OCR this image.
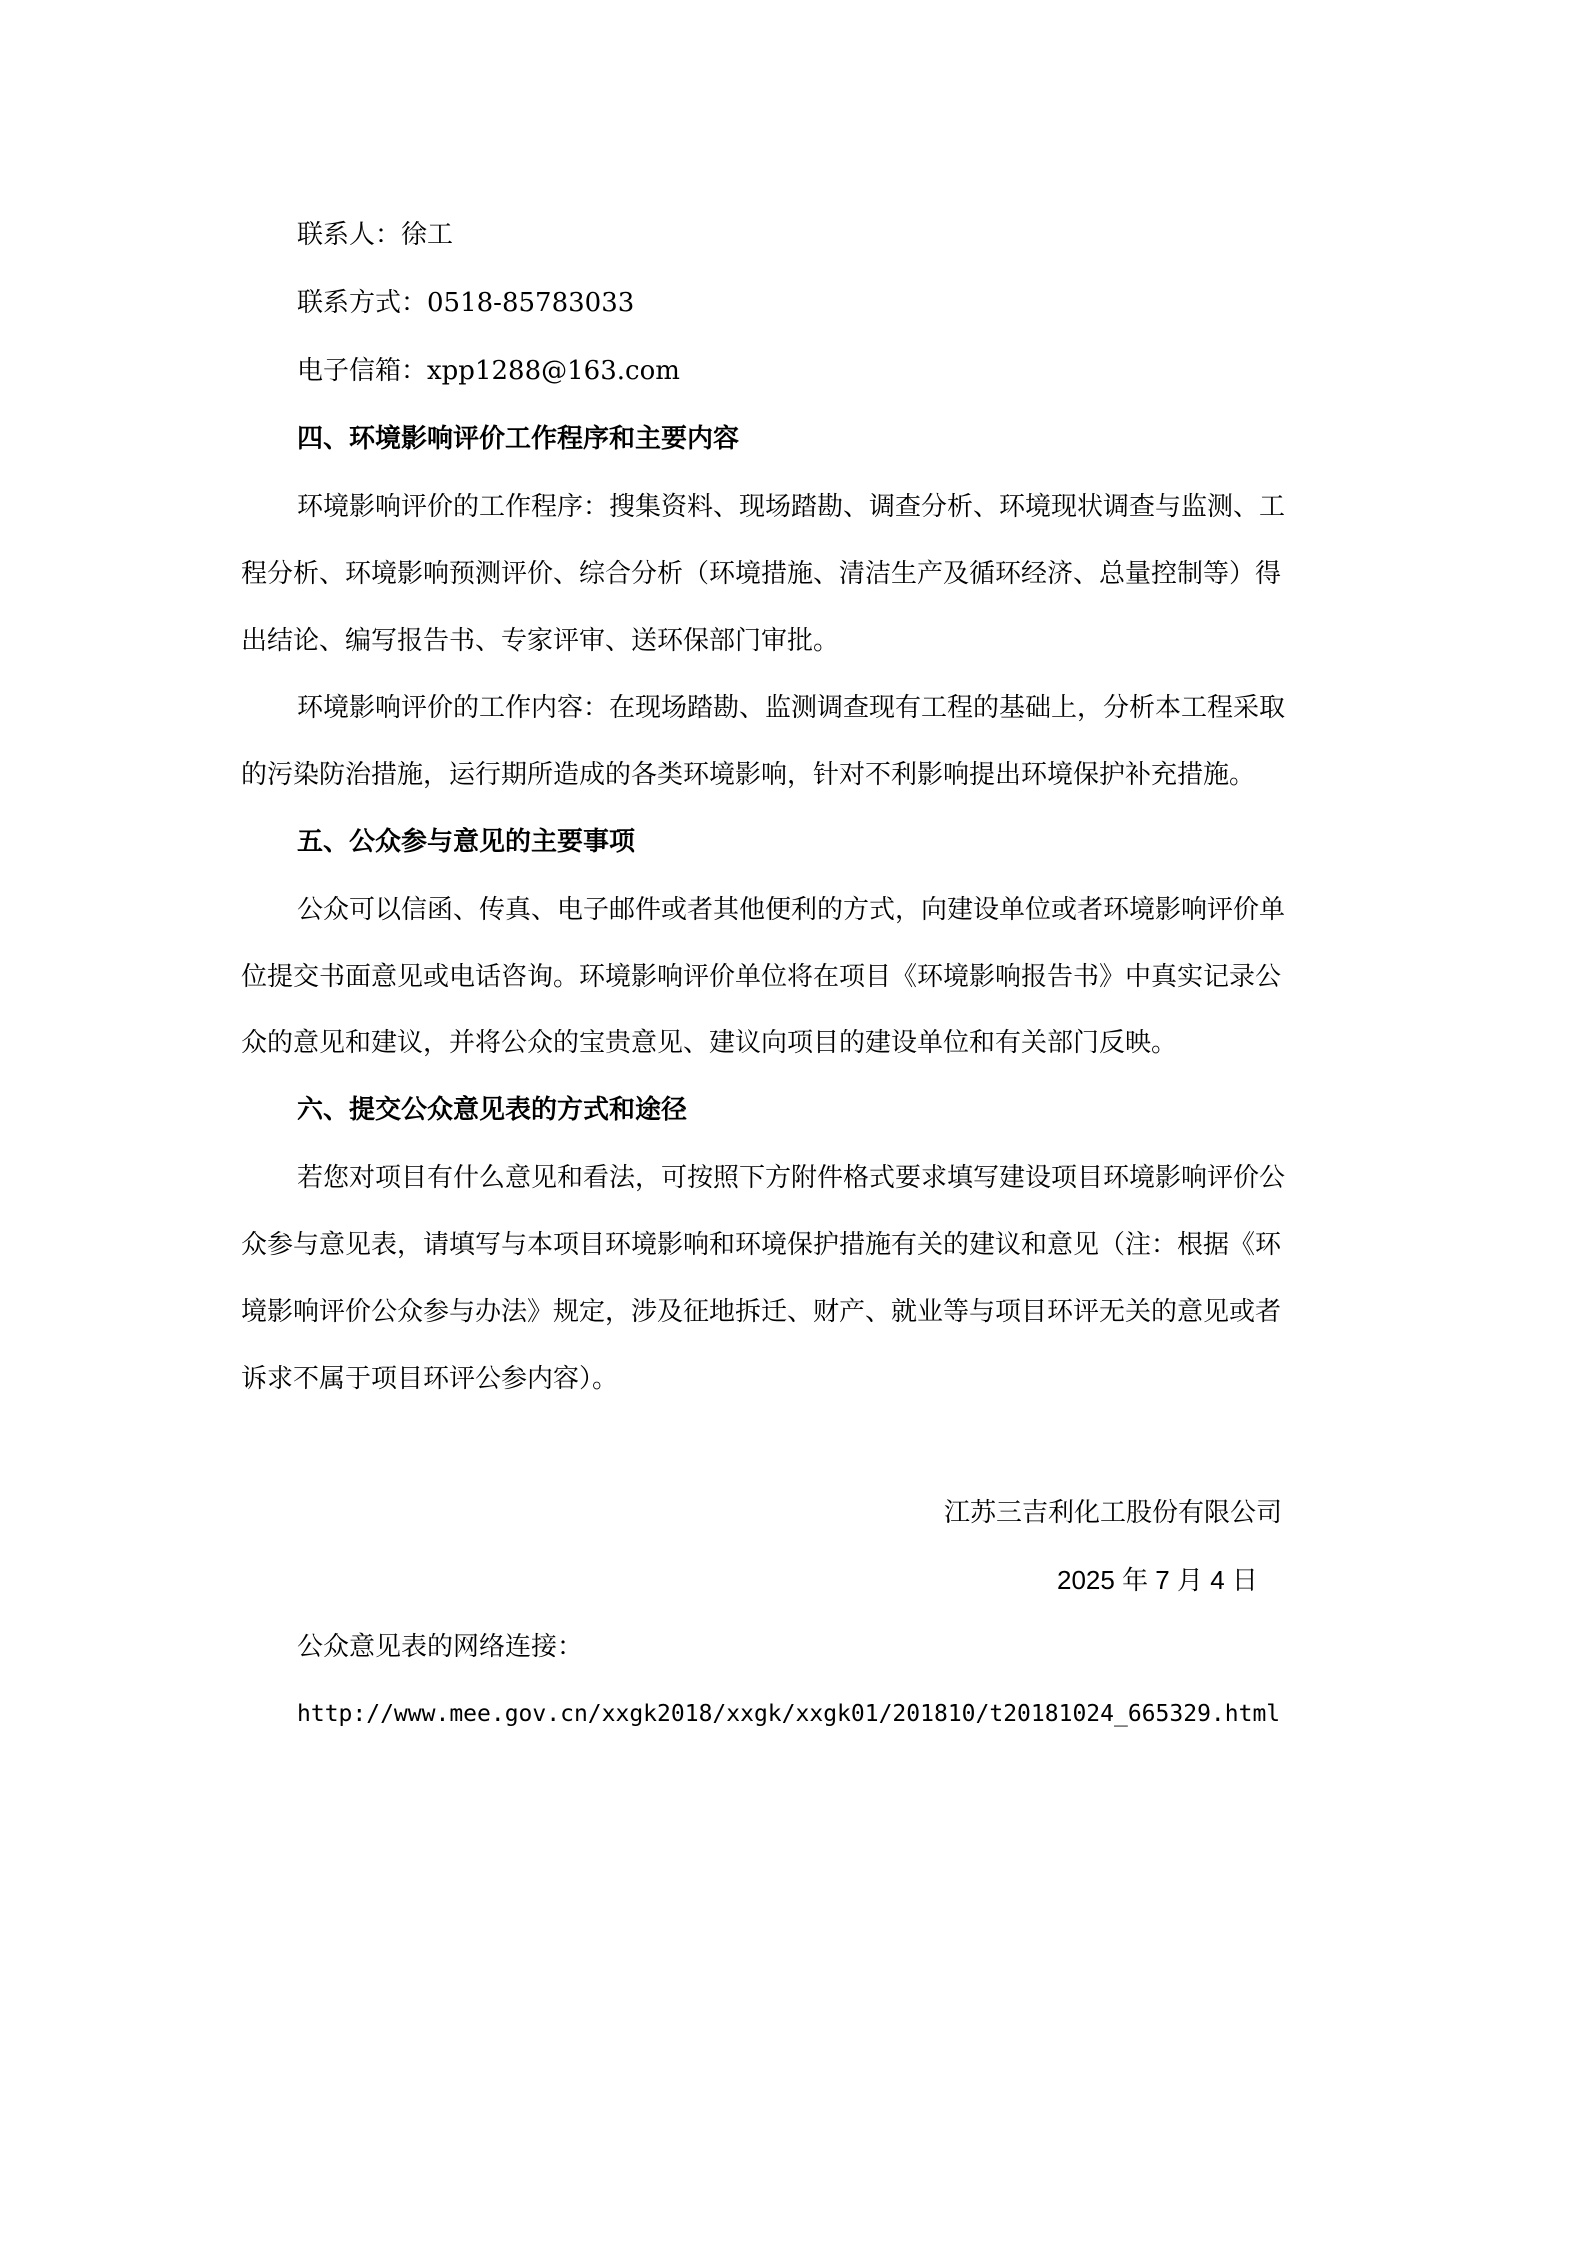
联系人：徐工
联系方式：0518-85783033
电子信箱：xpp1288@163.com
四、环境影响评价工作程序和主要内容
环境影响评价的工作程序：搜集资料、现场踏勘、调查分析、环境现状调查与监测、工
程分析、环境影响预测评价、综合分析（环境措施、清洁生产及循环经济、总量控制等）得
出结论、编写报告书、专家评审、送环保部门审批。
环境影响评价的工作内容：在现场踏勘、监测调查现有工程的基础上，分析本工程采取
的污染防治措施，运行期所造成的各类环境影响，针对不利影响提出环境保护补充措施。
五、公众参与意见的主要事项
公众可以信函、传真、电子邮件或者其他便利的方式，向建设单位或者环境影响评价单
位提交书面意见或电话咨询。环境影响评价单位将在项目《环境影响报告书》中真实记录公
众的意见和建议，并将公众的宝贵意见、建议向项目的建设单位和有关部门反映。
六、提交公众意见表的方式和途径
若您对项目有什么意见和看法，可按照下方附件格式要求填写建设项目环境影响评价公
众参与意见表，请填写与本项目环境影响和环境保护措施有关的建议和意见（注：根据《环
境影响评价公众参与办法》规定，涉及征地拆迁、财产、就业等与项目环评无关的意见或者
诉求不属于项目环评公参内容）。
江苏三吉利化工股份有限公司
2025 年 7 月 4 日
公众意见表的网络连接：
http://www.mee.gov.cn/xxgk2018/xxgk/xxgk01/201810/t20181024_665329.html
